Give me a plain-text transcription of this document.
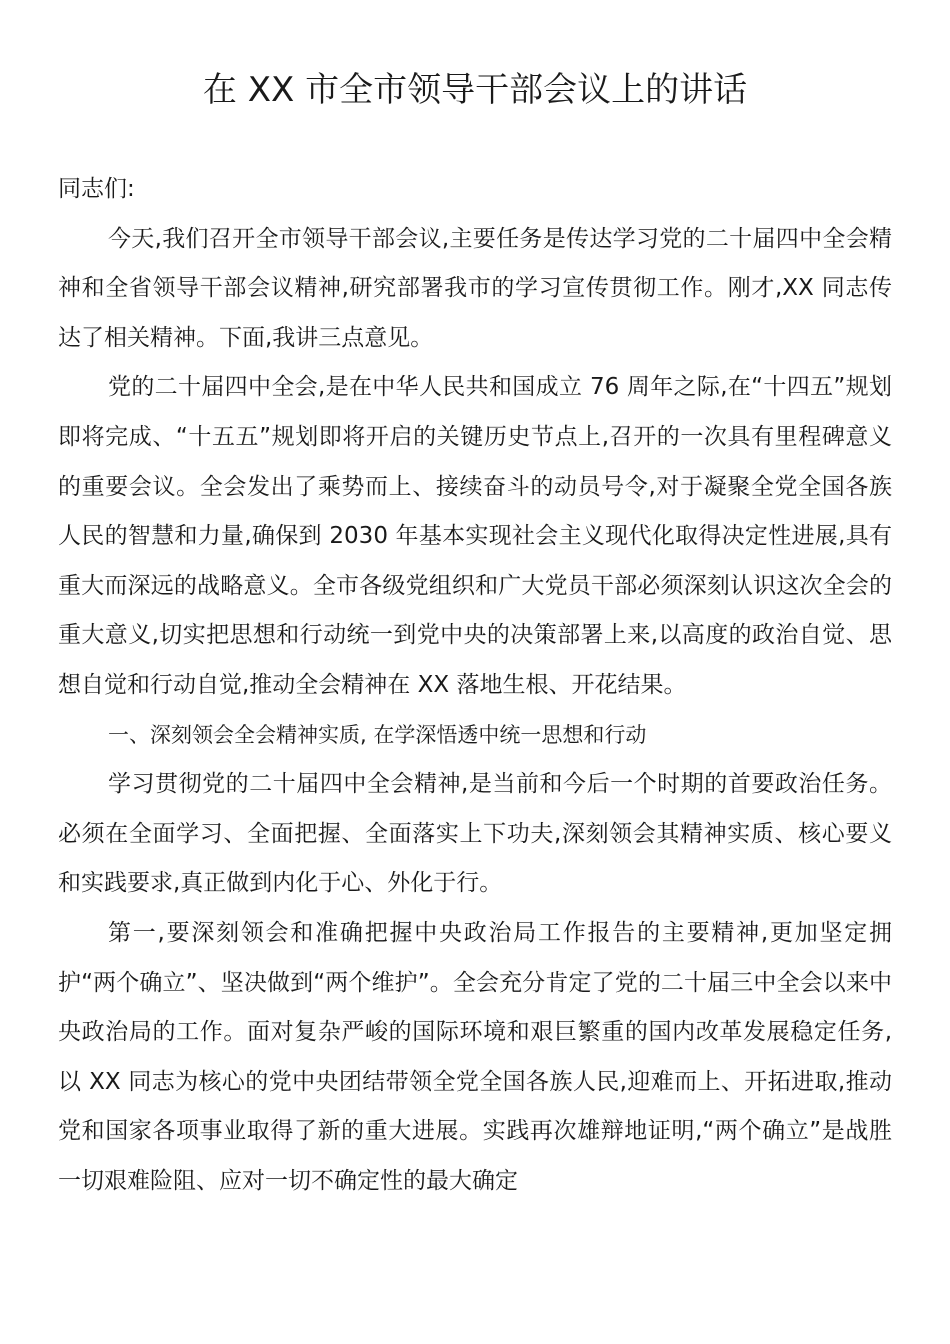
在 XX 市全市领导干部会议上的讲话

同志们:

今天,我们召开全市领导干部会议,主要任务是传达学习党的二十届四中全会精神和全省领导干部会议精神,研究部署我市的学习宣传贯彻工作。刚才,XX 同志传达了相关精神。下面,我讲三点意见。

党的二十届四中全会,是在中华人民共和国成立 76 周年之际,在“十四五”规划即将完成、“十五五”规划即将开启的关键历史节点上,召开的一次具有里程碑意义的重要会议。全会发出了乘势而上、接续奋斗的动员号令,对于凝聚全党全国各族人民的智慧和力量,确保到 2030 年基本实现社会主义现代化取得决定性进展,具有重大而深远的战略意义。全市各级党组织和广大党员干部必须深刻认识这次全会的重大意义,切实把思想和行动统一到党中央的决策部署上来,以高度的政治自觉、思想自觉和行动自觉,推动全会精神在 XX 落地生根、开花结果。

一、深刻领会全会精神实质, 在学深悟透中统一思想和行动

学习贯彻党的二十届四中全会精神,是当前和今后一个时期的首要政治任务。必须在全面学习、全面把握、全面落实上下功夫,深刻领会其精神实质、核心要义和实践要求,真正做到内化于心、外化于行。

第一,要深刻领会和准确把握中央政治局工作报告的主要精神,更加坚定拥护“两个确立”、坚决做到“两个维护”。全会充分肯定了党的二十届三中全会以来中央政治局的工作。面对复杂严峻的国际环境和艰巨繁重的国内改革发展稳定任务,以 XX 同志为核心的党中央团结带领全党全国各族人民,迎难而上、开拓进取,推动党和国家各项事业取得了新的重大进展。实践再次雄辩地证明,“两个确立”是战胜一切艰难险阻、应对一切不确定性的最大确定
